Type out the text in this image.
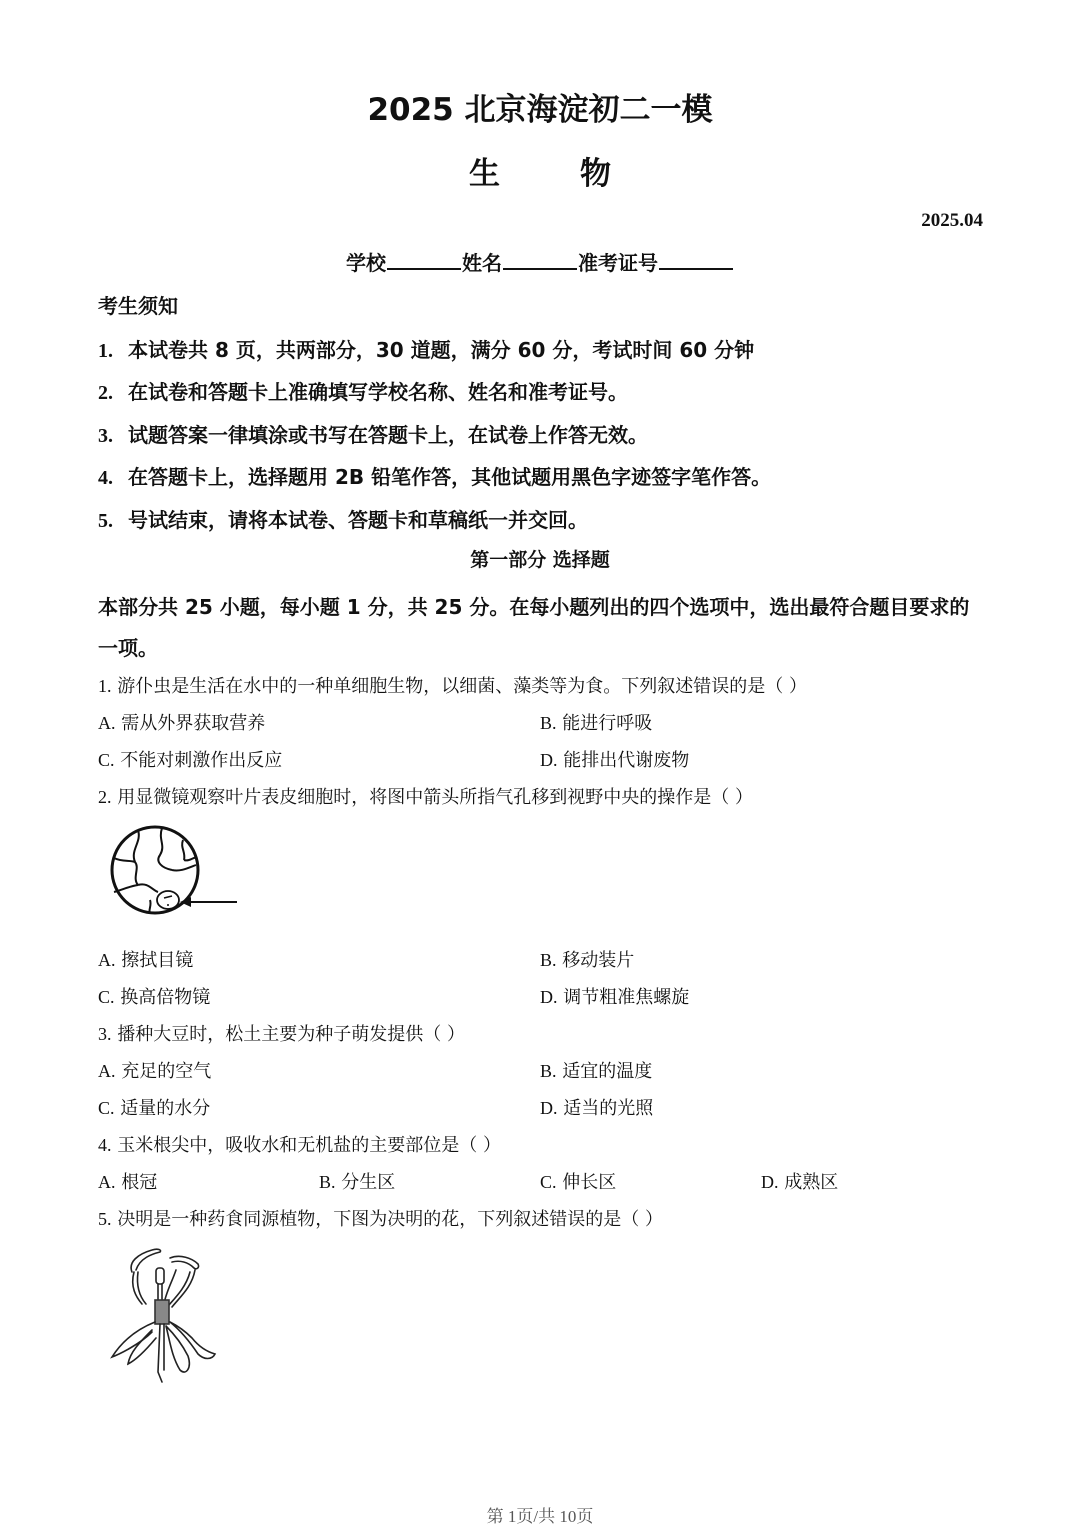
2025 北京海淀初二一模
生	物
2025.04
学校	姓名	准考证号
考生须知
1. 本试卷共 8 页，共两部分，30 道题，满分 60 分，考试时间 60 分钟
2. 在试卷和答题卡上准确填写学校名称、姓名和准考证号。
3. 试题答案一律填涂或书写在答题卡上，在试卷上作答无效。
4. 在答题卡上，选择题用 2B 铅笔作答，其他试题用黑色字迹签字笔作答。
5. 号试结束，请将本试卷、答题卡和草稿纸一并交回。
第一部分 选择题
本部分共 25 小题，每小题 1 分，共 25 分。在每小题列出的四个选项中，选出最符合题目要求的一项。
1. 游仆虫是生活在水中的一种单细胞生物，以细菌、藻类等为食。下列叙述错误的是（ ）
A. 需从外界获取营养	B. 能进行呼吸
C. 不能对刺激作出反应	D. 能排出代谢废物
2. 用显微镜观察叶片表皮细胞时，将图中箭头所指气孔移到视野中央的操作是（ ）
A. 擦拭目镜	B. 移动装片
C. 换高倍物镜	D. 调节粗准焦螺旋
3. 播种大豆时，松土主要为种子萌发提供（ ）
A. 充足的空气	B. 适宜的温度
C. 适量的水分	D. 适当的光照
4. 玉米根尖中，吸收水和无机盐的主要部位是（ ）
A. 根冠	B. 分生区	C. 伸长区	D. 成熟区
5. 决明是一种药食同源植物，下图为决明的花，下列叙述错误的是（ ）
第 1页/共 10页
